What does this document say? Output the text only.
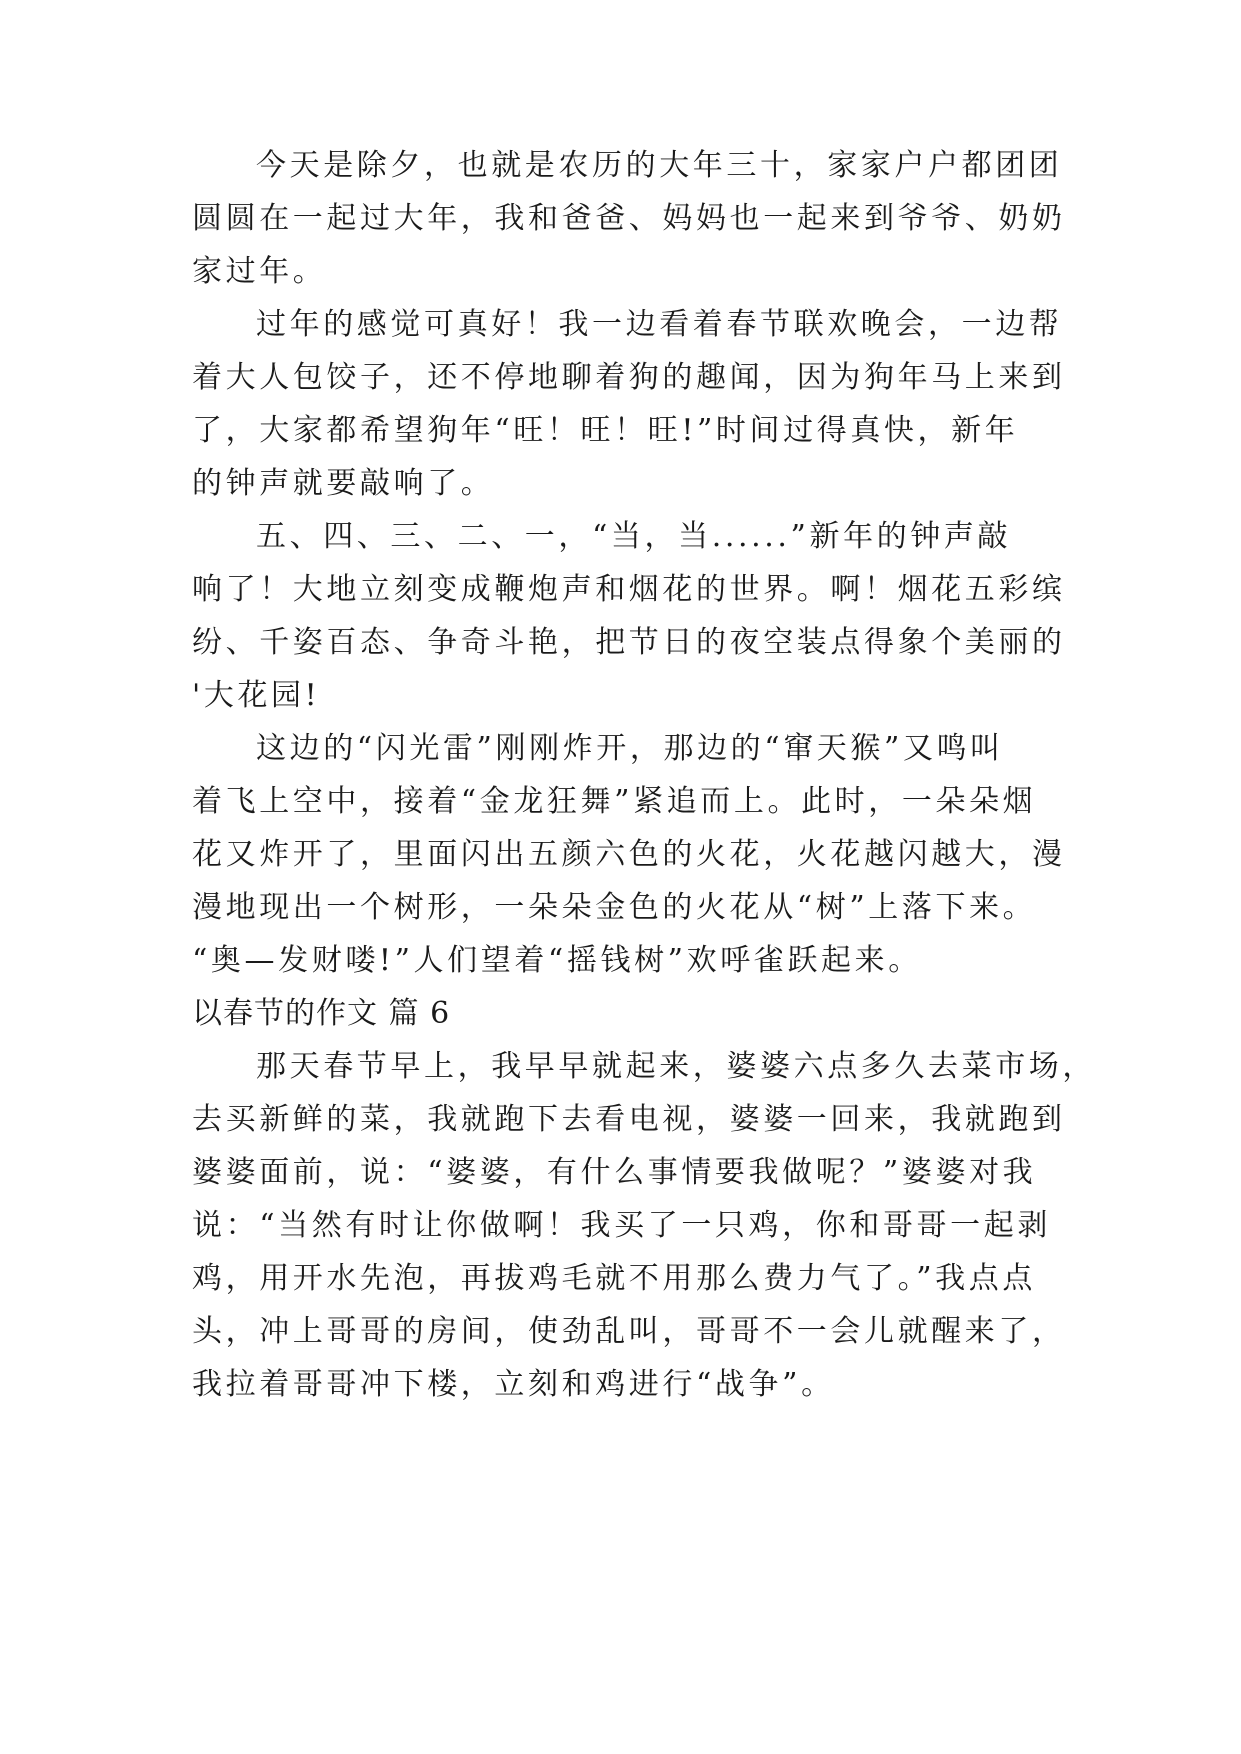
今天是除夕，也就是农历的大年三十，家家户户都团团
圆圆在一起过大年，我和爸爸、妈妈也一起来到爷爷、奶奶
家过年。
过年的感觉可真好！我一边看着春节联欢晚会，一边帮
着大人包饺子，还不停地聊着狗的趣闻，因为狗年马上来到
了，大家都希望狗年“旺！旺！旺!”时间过得真快，新年
的钟声就要敲响了。
五、四、三、二、一，“当，当......”新年的钟声敲
响了！大地立刻变成鞭炮声和烟花的世界。啊！烟花五彩缤
纷、千姿百态、争奇斗艳，把节日的夜空装点得象个美丽的
'大花园!
这边的“闪光雷”刚刚炸开，那边的“窜天猴”又鸣叫
着飞上空中，接着“金龙狂舞”紧追而上。此时，一朵朵烟
花又炸开了，里面闪出五颜六色的火花，火花越闪越大，漫
漫地现出一个树形，一朵朵金色的火花从“树”上落下来。
“奥—发财喽!”人们望着“摇钱树”欢呼雀跃起来。
以春节的作文 篇 6
那天春节早上，我早早就起来，婆婆六点多久去菜市场，
去买新鲜的菜，我就跑下去看电视，婆婆一回来，我就跑到
婆婆面前，说：“婆婆，有什么事情要我做呢？”婆婆对我
说：“当然有时让你做啊！我买了一只鸡，你和哥哥一起剥
鸡，用开水先泡，再拔鸡毛就不用那么费力气了。”我点点
头，冲上哥哥的房间，使劲乱叫，哥哥不一会儿就醒来了，
我拉着哥哥冲下楼，立刻和鸡进行“战争”。
